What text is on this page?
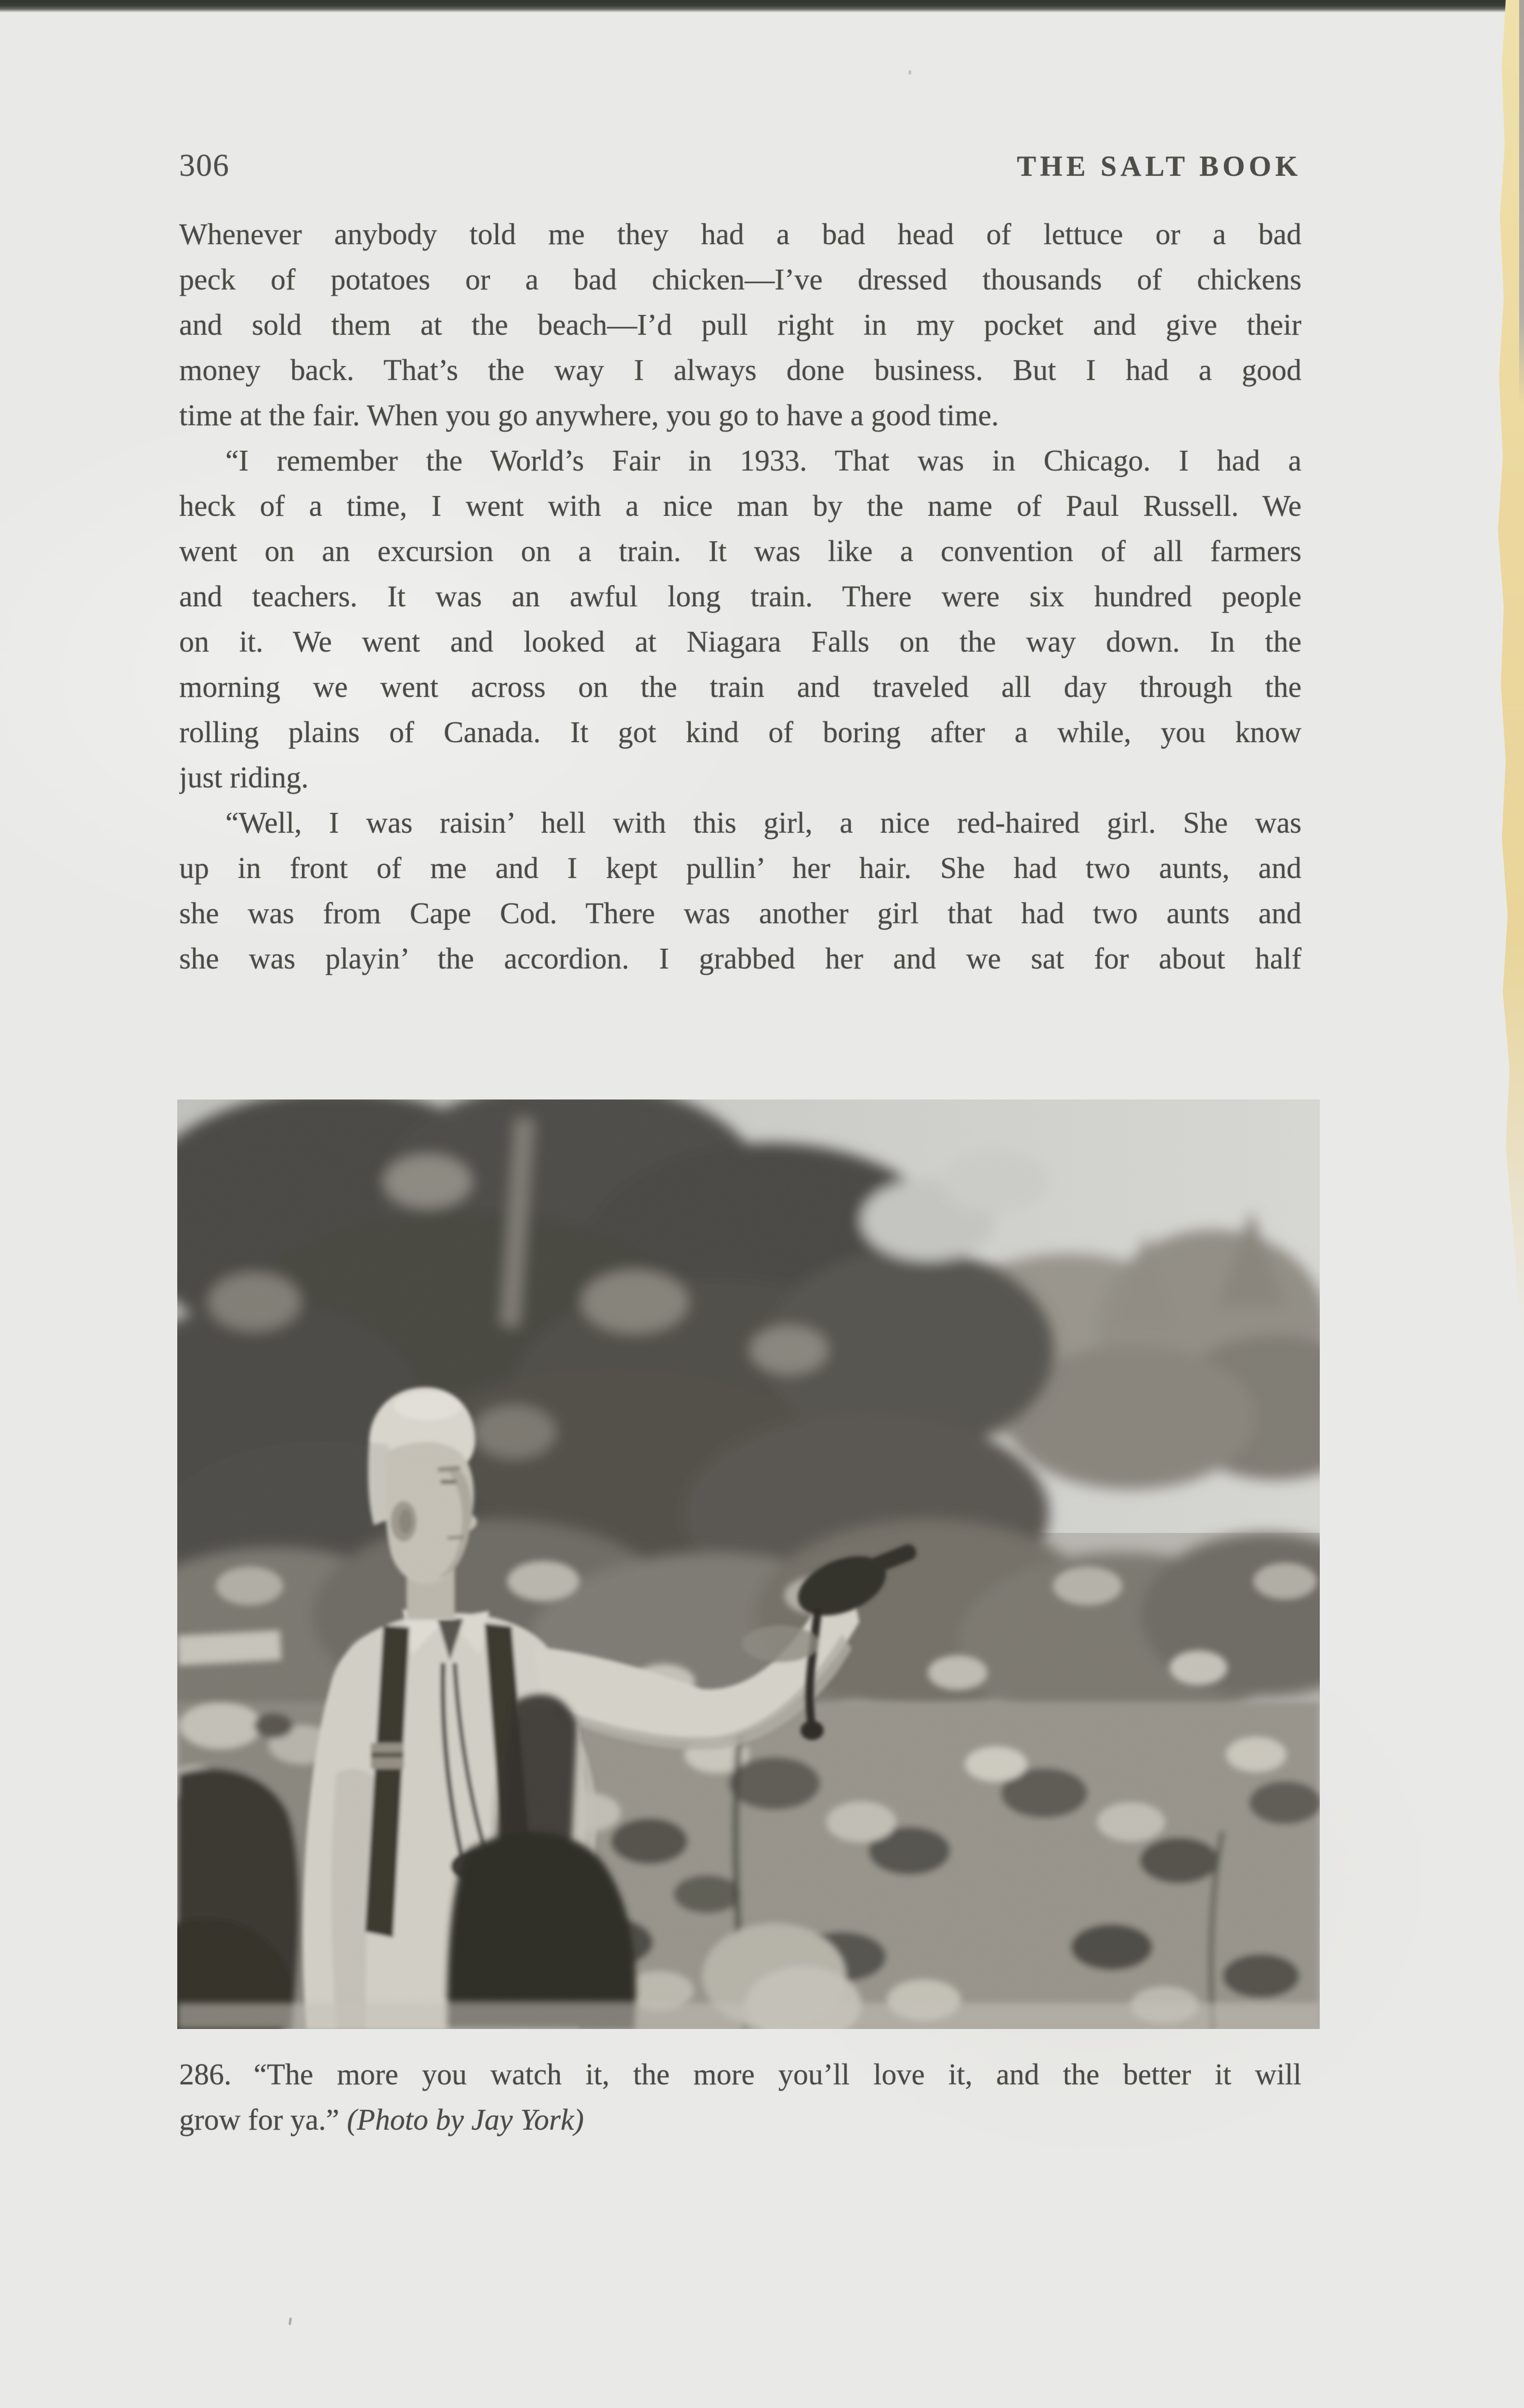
306	THE SALT BOOK
Whenever anybody told me they had a bad head of lettuce or a bad
peck of potatoes or a bad chicken—I’ve dressed thousands of chickens
and sold them at the beach—I’d pull right in my pocket and give their
money back. That’s the way I always done business. But I had a good
time at the fair. When you go anywhere, you go to have a good time.
“I remember the World’s Fair in 1933. That was in Chicago. I had a
heck of a time, I went with a nice man by the name of Paul Russell. We
went on an excursion on a train. It was like a convention of all farmers
and teachers. It was an awful long train. There were six hundred people
on it. We went and looked at Niagara Falls on the way down. In the
morning we went across on the train and traveled all day through the
rolling plains of Canada. It got kind of boring after a while, you know
just riding.
“Well, I was raisin’ hell with this girl, a nice red-haired girl. She was
up in front of me and I kept pullin’ her hair. She had two aunts, and
she was from Cape Cod. There was another girl that had two aunts and
she was playin’ the accordion. I grabbed her and we sat for about half
286. “The more you watch it, the more you’ll love it, and the better it will
grow for ya.” (Photo by Jay York)
